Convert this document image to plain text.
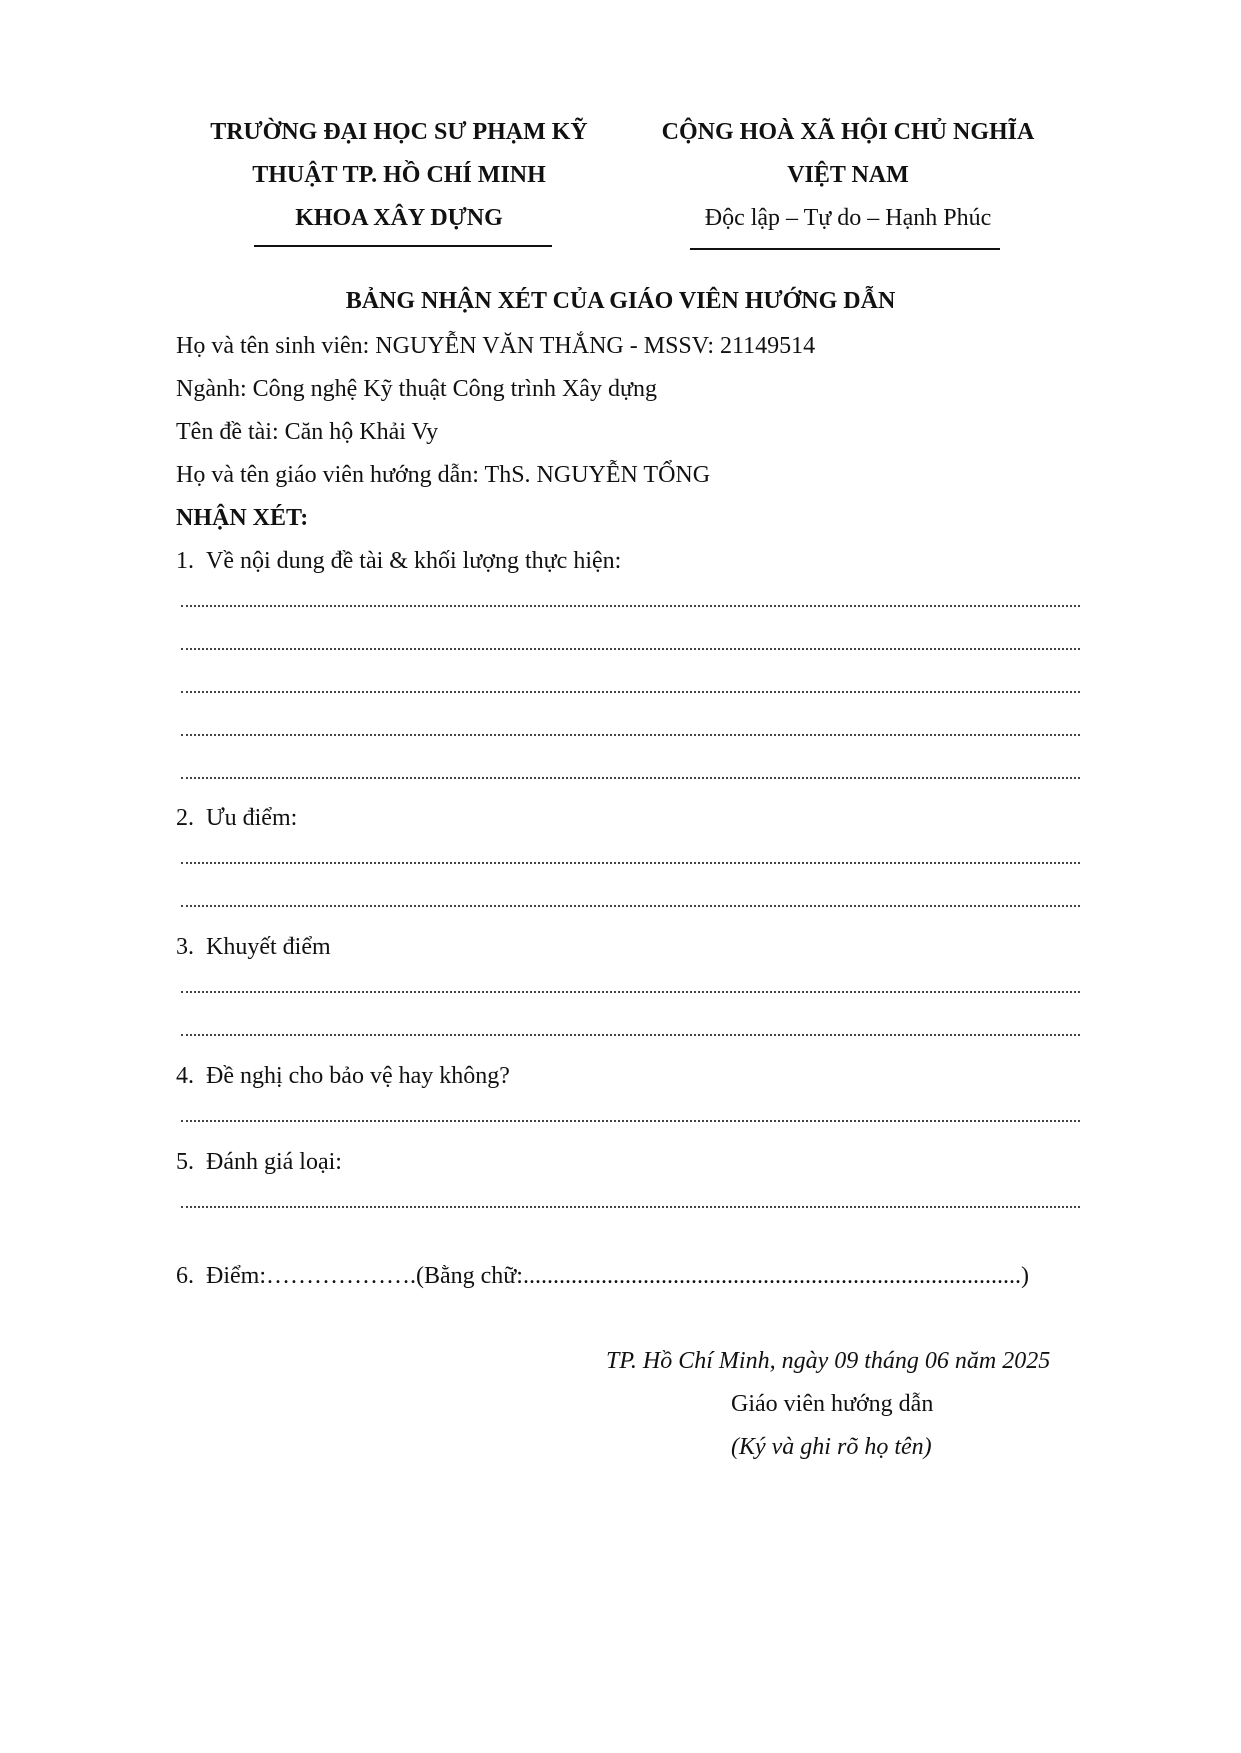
TRƯỜNG ĐẠI HỌC SƯ PHẠM KỸ
THUẬT TP. HỒ CHÍ MINH
KHOA XÂY DỰNG
CỘNG HOÀ XÃ HỘI CHỦ NGHĨA
VIỆT NAM
Độc lập – Tự do – Hạnh Phúc
BẢNG NHẬN XÉT CỦA GIÁO VIÊN HƯỚNG DẪN
Họ và tên sinh viên: NGUYỄN VĂN THẮNG - MSSV: 21149514
Ngành: Công nghệ Kỹ thuật Công trình Xây dựng
Tên đề tài: Căn hộ Khải Vy
Họ và tên giáo viên hướng dẫn: ThS. NGUYỄN TỔNG
NHẬN XÉT:
1. Về nội dung đề tài & khối lượng thực hiện:
2. Ưu điểm:
3. Khuyết điểm
4. Đề nghị cho bảo vệ hay không?
5. Đánh giá loại:
6. Điểm:……………….(Bằng chữ:...................................................................................)
TP. Hồ Chí Minh, ngày 09 tháng 06 năm 2025
Giáo viên hướng dẫn
(Ký và ghi rõ họ tên)
